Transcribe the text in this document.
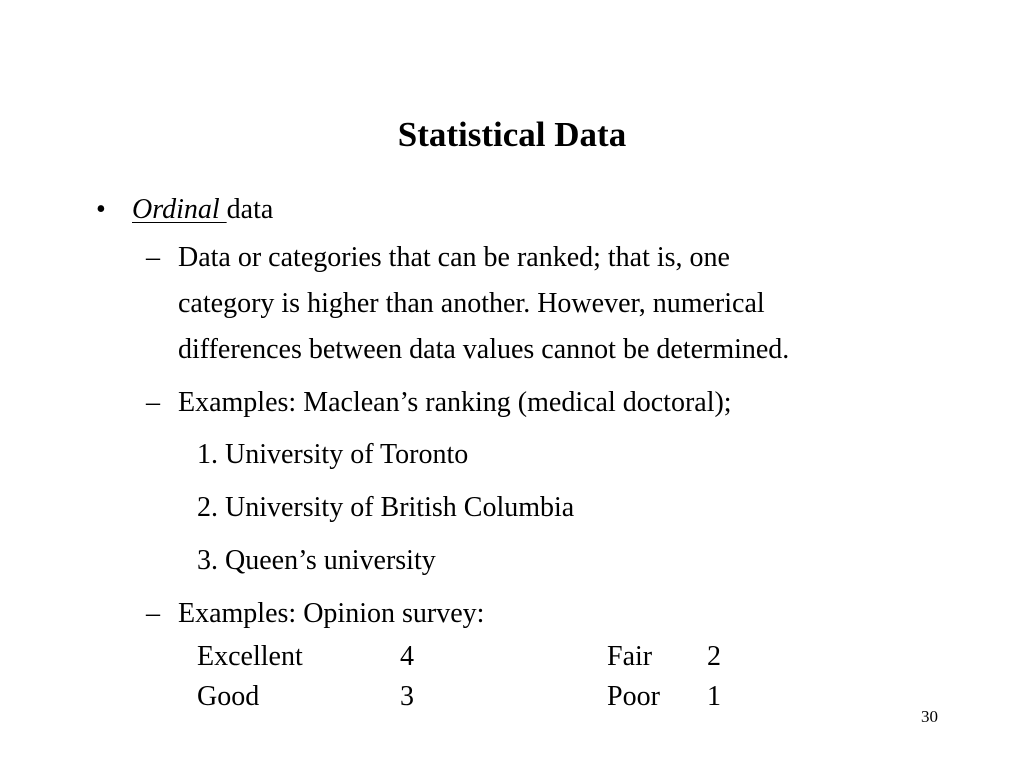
Statistical Data
• Ordinal data
– Data or categories that can be ranked; that is, one
category is higher than another. However, numerical
differences between data values cannot be determined.
– Examples: Maclean’s ranking (medical doctoral);
1. University of Toronto
2. University of British Columbia
3. Queen’s university
– Examples: Opinion survey:
Excellent	4	Fair 2
Good	3	Poor 1
30
